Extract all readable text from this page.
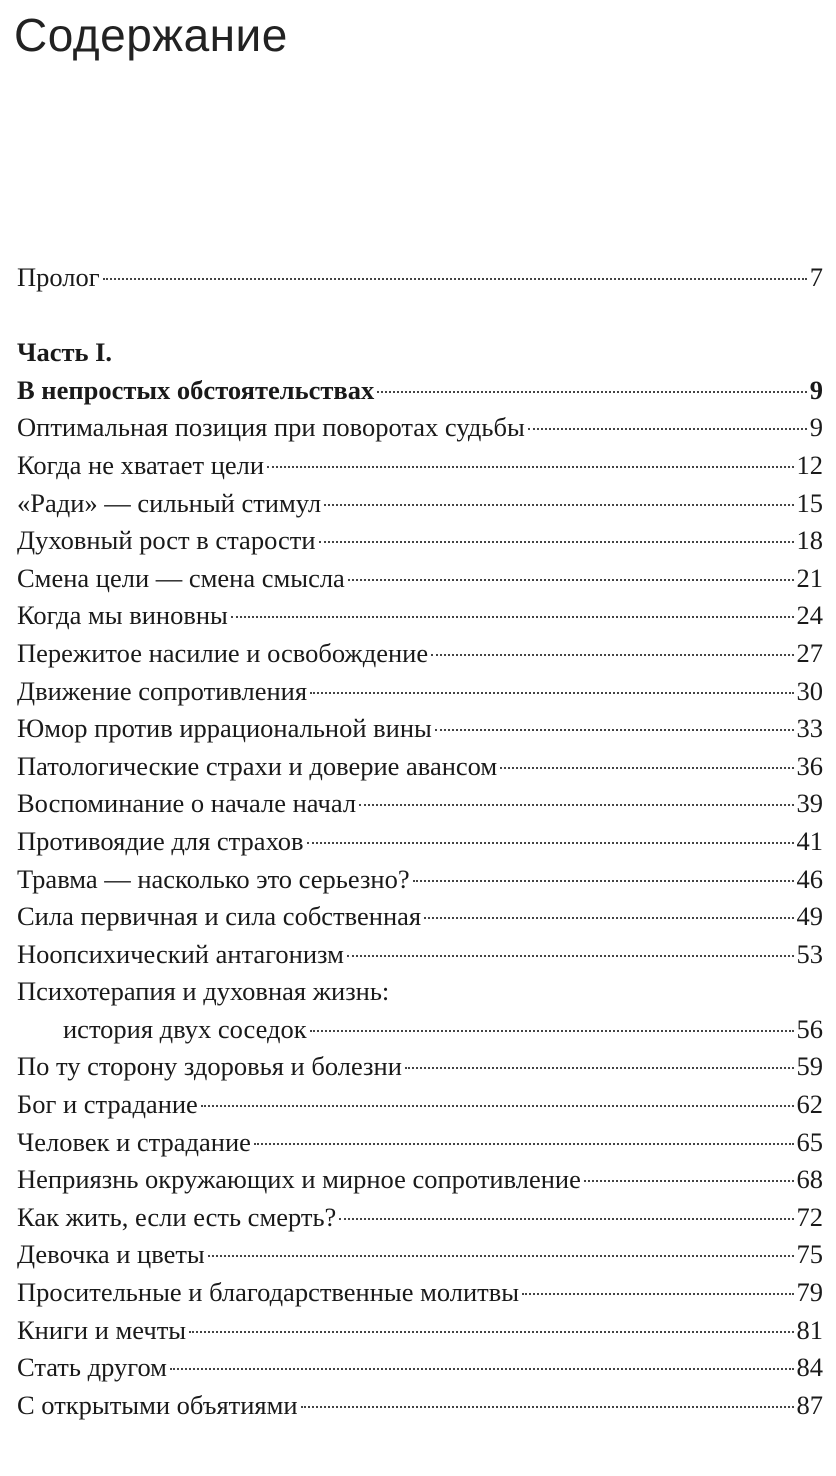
Содержание
Пролог	7
Часть I.
В непростых обстоятельствах	9
Оптимальная позиция при поворотах судьбы	9
Когда не хватает цели	12
«Ради» — сильный стимул	15
Духовный рост в старости	18
Смена цели — смена смысла	21
Когда мы виновны	24
Пережитое насилие и освобождение	27
Движение сопротивления	30
Юмор против иррациональной вины	33
Патологические страхи и доверие авансом	36
Воспоминание о начале начал	39
Противоядие для страхов	41
Травма — насколько это серьезно?	46
Сила первичная и сила собственная	49
Ноопсихический антагонизм	53
Психотерапия и духовная жизнь:
история двух соседок	56
По ту сторону здоровья и болезни	59
Бог и страдание	62
Человек и страдание	65
Неприязнь окружающих и мирное сопротивление	68
Как жить, если есть смерть?	72
Девочка и цветы	75
Просительные и благодарственные молитвы	79
Книги и мечты	81
Стать другом	84
С открытыми объятиями	87
